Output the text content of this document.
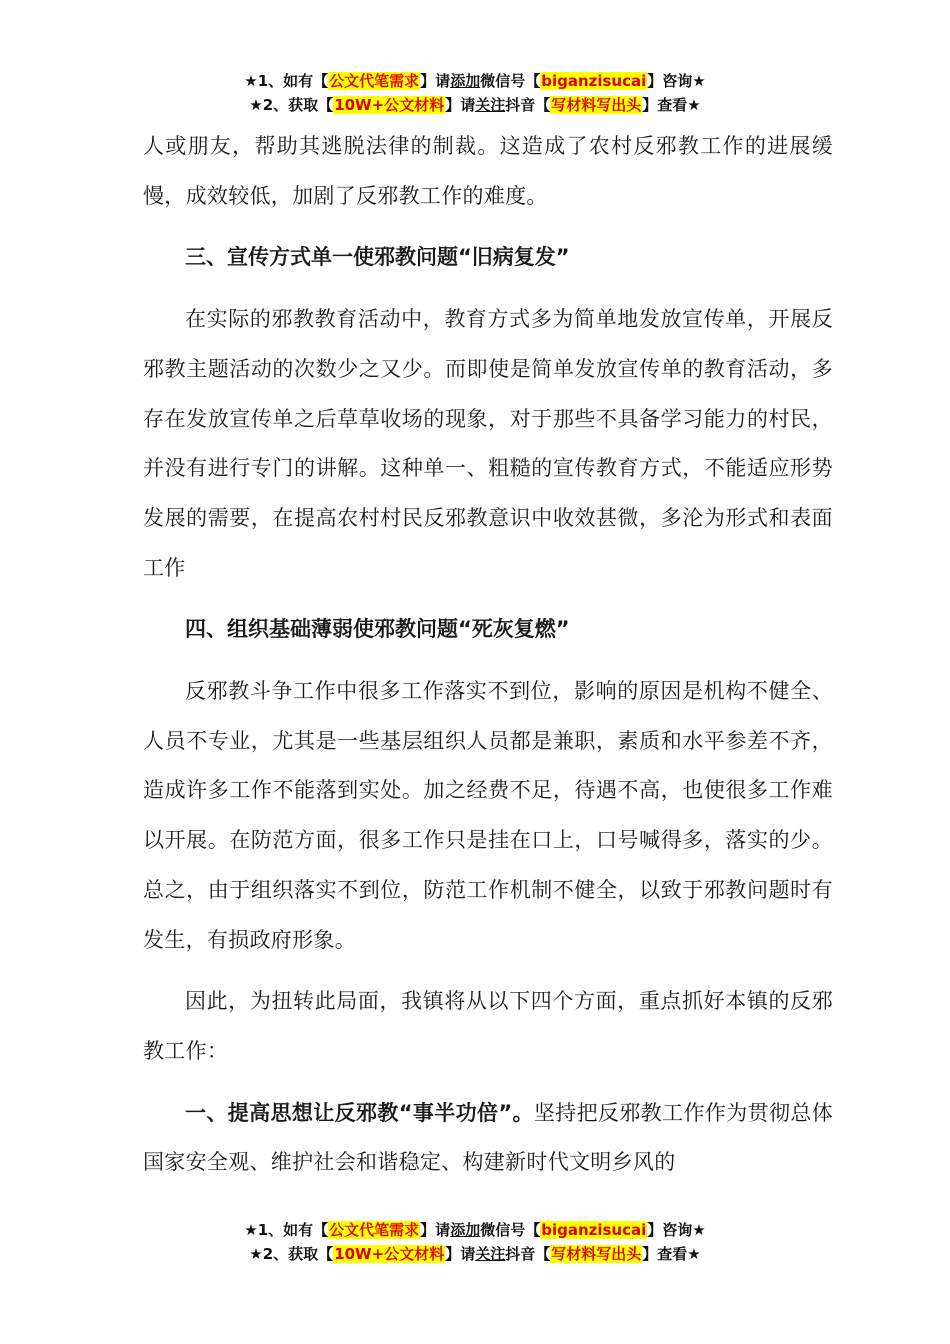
★1、如有【公文代笔需求】请添加微信号【biganzisucai】咨询★
★2、获取【10W+公文材料】请关注抖音【写材料写出头】查看★

人或朋友，帮助其逃脱法律的制裁。这造成了农村反邪教工作的进展缓慢，成效较低，加剧了反邪教工作的难度。

三、宣传方式单一使邪教问题“旧病复发”

在实际的邪教教育活动中，教育方式多为简单地发放宣传单，开展反邪教主题活动的次数少之又少。而即使是简单发放宣传单的教育活动，多存在发放宣传单之后草草收场的现象，对于那些不具备学习能力的村民，并没有进行专门的讲解。这种单一、粗糙的宣传教育方式，不能适应形势发展的需要，在提高农村村民反邪教意识中收效甚微，多沦为形式和表面工作

四、组织基础薄弱使邪教问题“死灰复燃”

反邪教斗争工作中很多工作落实不到位，影响的原因是机构不健全、人员不专业，尤其是一些基层组织人员都是兼职，素质和水平参差不齐，造成许多工作不能落到实处。加之经费不足，待遇不高，也使很多工作难以开展。在防范方面，很多工作只是挂在口上，口号喊得多，落实的少。总之，由于组织落实不到位，防范工作机制不健全，以致于邪教问题时有发生，有损政府形象。

因此，为扭转此局面，我镇将从以下四个方面，重点抓好本镇的反邪教工作：

一、提高思想让反邪教“事半功倍”。坚持把反邪教工作作为贯彻总体国家安全观、维护社会和谐稳定、构建新时代文明乡风的

★1、如有【公文代笔需求】请添加微信号【biganzisucai】咨询★
★2、获取【10W+公文材料】请关注抖音【写材料写出头】查看★
